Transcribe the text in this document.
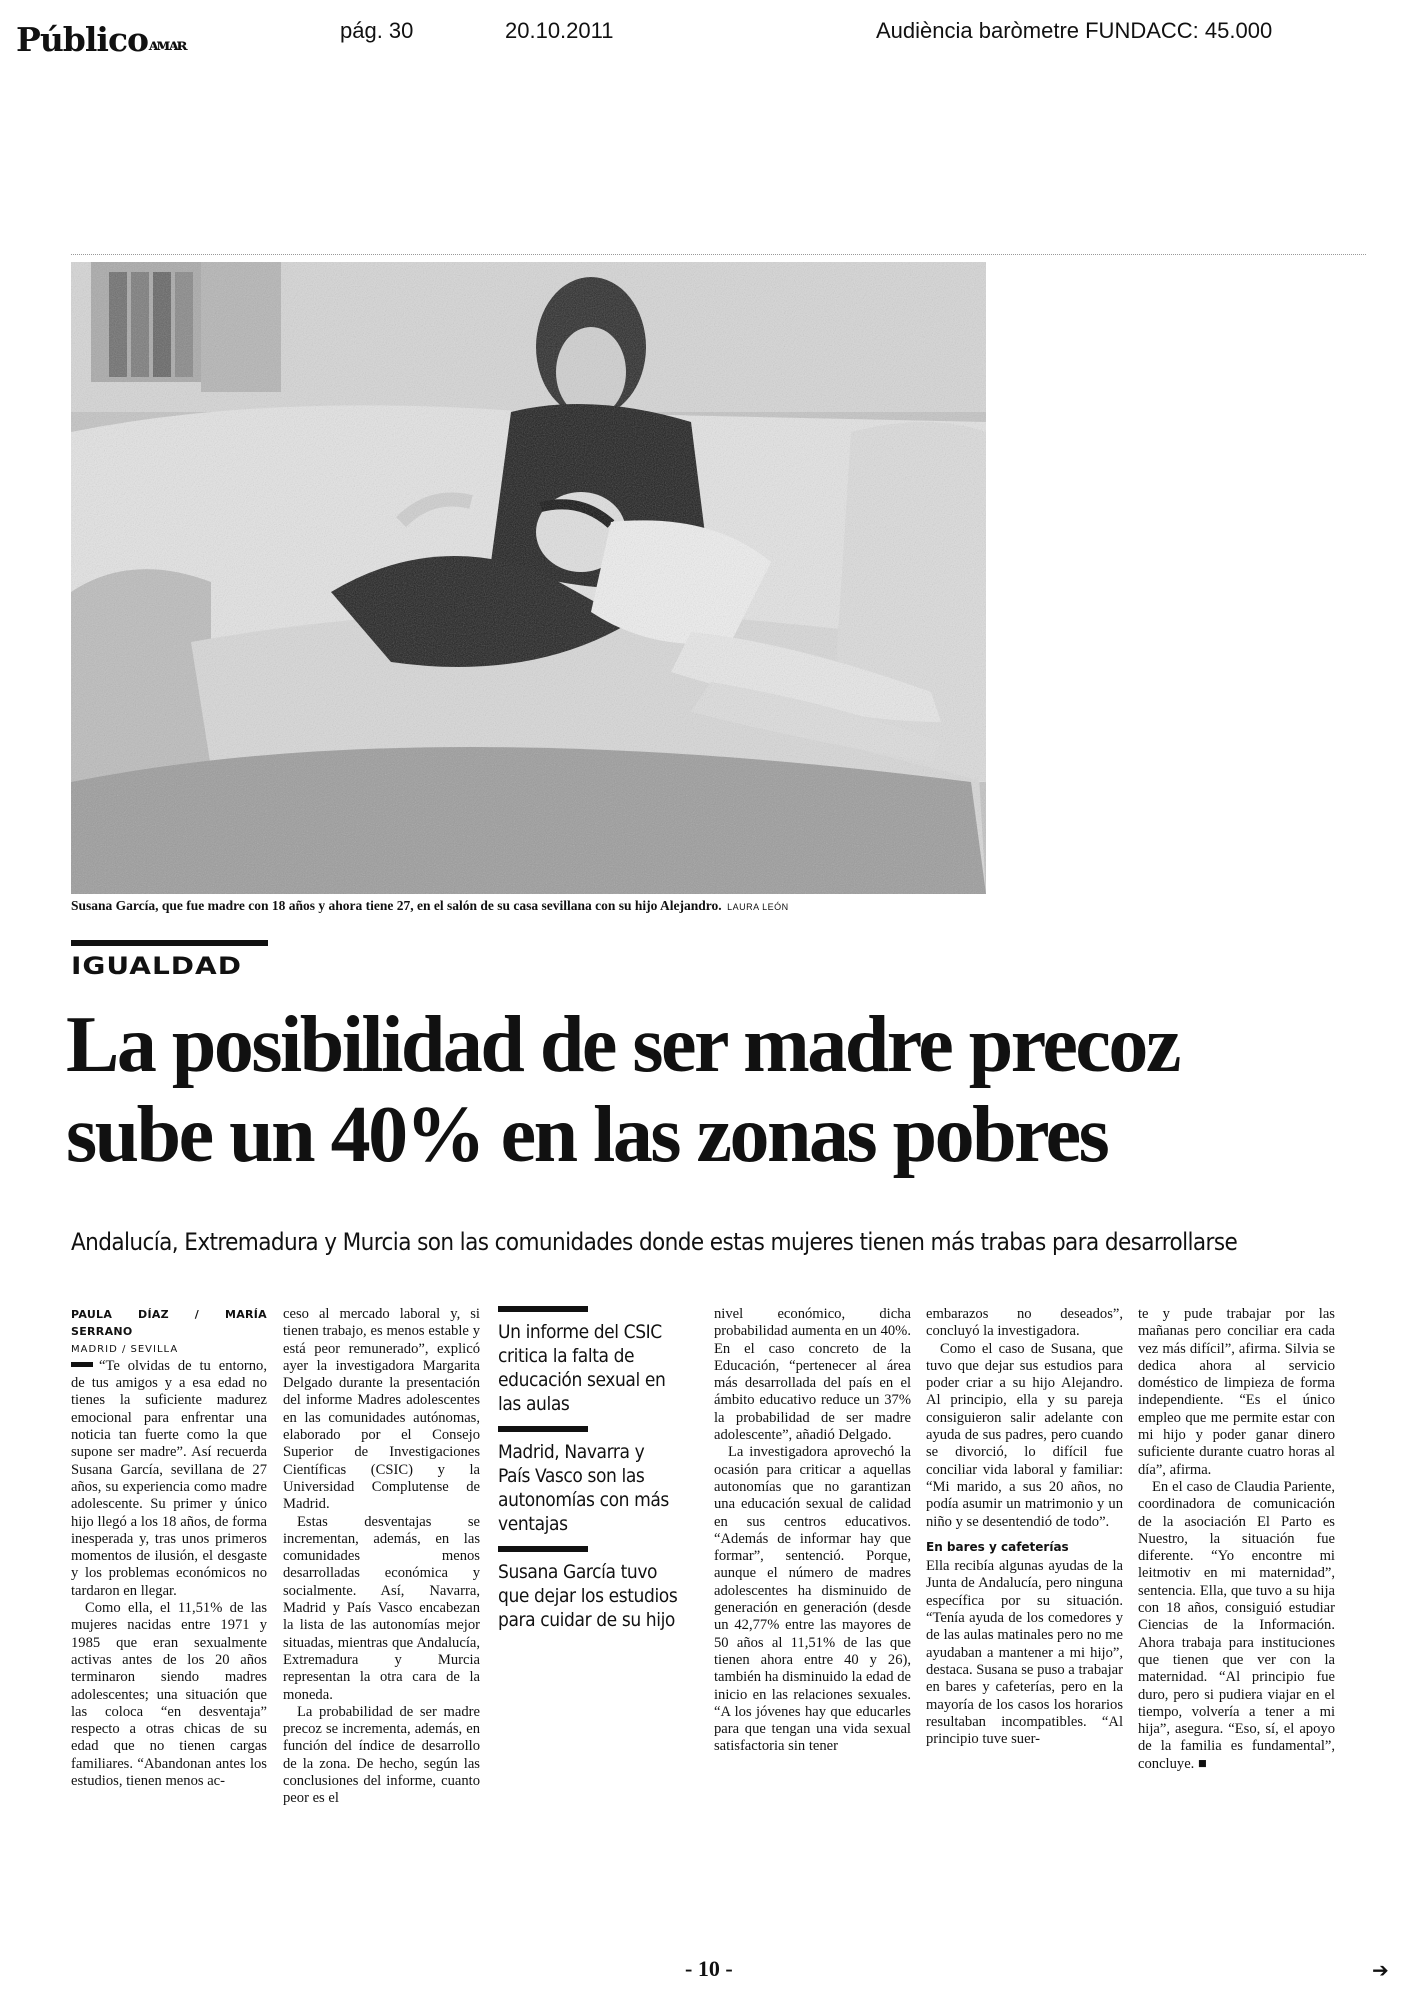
Públicoᴀᴍᴀʀ
pág. 30	20.10.2011	Audiència baròmetre FUNDACC: 45.000
Susana García, que fue madre con 18 años y ahora tiene 27, en el salón de su casa sevillana con su hijo Alejandro. LAURA LEÓN
IGUALDAD
La posibilidad de ser madre precoz
sube un 40% en las zonas pobres
Andalucía, Extremadura y Murcia son las comunidades donde estas mujeres tienen más trabas para desarrollarse
PAULA DÍAZ / MARÍA SERRANO
MADRID / SEVILLA

“Te olvidas de tu entorno, de tus amigos y a esa edad no tienes la suficiente madurez emocional para enfrentar una noticia tan fuerte como la que supone ser madre”. Así recuerda Susana García, sevillana de 27 años, su experiencia como madre adolescente. Su primer y único hijo llegó a los 18 años, de forma inesperada y, tras unos primeros momentos de ilusión, el desgaste y los problemas económicos no tardaron en llegar.

Como ella, el 11,51% de las mujeres nacidas entre 1971 y 1985 que eran sexualmente activas antes de los 20 años terminaron siendo madres adolescentes; una situación que las coloca “en desventaja” respecto a otras chicas de su edad que no tienen cargas familiares. “Abandonan antes los estudios, tienen menos ac-

ceso al mercado laboral y, si tienen trabajo, es menos estable y está peor remunerado”, explicó ayer la investigadora Margarita Delgado durante la presentación del informe Madres adolescentes en las comunidades autónomas, elaborado por el Consejo Superior de Investigaciones Científicas (CSIC) y la Universidad Complutense de Madrid.

Estas desventajas se incrementan, además, en las comunidades menos desarrolladas económica y socialmente. Así, Navarra, Madrid y País Vasco encabezan la lista de las autonomías mejor situadas, mientras que Andalucía, Extremadura y Murcia representan la otra cara de la moneda.

La probabilidad de ser madre precoz se incrementa, además, en función del índice de desarrollo de la zona. De hecho, según las conclusiones del informe, cuanto peor es el

Un informe del CSIC critica la falta de educación sexual en las aulas
Madrid, Navarra y País Vasco son las autonomías con más ventajas
Susana García tuvo que dejar los estudios para cuidar de su hijo

nivel económico, dicha probabilidad aumenta en un 40%. En el caso concreto de la Educación, “pertenecer al área más desarrollada del país en el ámbito educativo reduce un 37% la probabilidad de ser madre adolescente”, añadió Delgado.

La investigadora aprovechó la ocasión para criticar a aquellas autonomías que no garantizan una educación sexual de calidad en sus centros educativos. “Además de informar hay que formar”, sentenció. Porque, aunque el número de madres adolescentes ha disminuido de generación en generación (desde un 42,77% entre las mayores de 50 años al 11,51% de las que tienen ahora entre 40 y 26), también ha disminuido la edad de inicio en las relaciones sexuales. “A los jóvenes hay que educarles para que tengan una vida sexual satisfactoria sin tener

embarazos no deseados”, concluyó la investigadora.

Como el caso de Susana, que tuvo que dejar sus estudios para poder criar a su hijo Alejandro. Al principio, ella y su pareja consiguieron salir adelante con ayuda de sus padres, pero cuando se divorció, lo difícil fue conciliar vida laboral y familiar: “Mi marido, a sus 20 años, no podía asumir un matrimonio y un niño y se desentendió de todo”.

En bares y cafeterías

Ella recibía algunas ayudas de la Junta de Andalucía, pero ninguna específica por su situación. “Tenía ayuda de los comedores y de las aulas matinales pero no me ayudaban a mantener a mi hijo”, destaca. Susana se puso a trabajar en bares y cafeterías, pero en la mayoría de los casos los horarios resultaban incompatibles. “Al principio tuve suer-

te y pude trabajar por las mañanas pero conciliar era cada vez más difícil”, afirma. Silvia se dedica ahora al servicio doméstico de limpieza de forma independiente. “Es el único empleo que me permite estar con mi hijo y poder ganar dinero suficiente durante cuatro horas al día”, afirma.

En el caso de Claudia Pariente, coordinadora de comunicación de la asociación El Parto es Nuestro, la situación fue diferente. “Yo encontre mi leitmotiv en mi maternidad”, sentencia. Ella, que tuvo a su hija con 18 años, consiguió estudiar Ciencias de la Información. Ahora trabaja para instituciones que tienen que ver con la maternidad. “Al principio fue duro, pero si pudiera viajar en el tiempo, volvería a tener a mi hija”, asegura. “Eso, sí, el apoyo de la familia es fundamental”, concluye. ■

- 10 -	➔
